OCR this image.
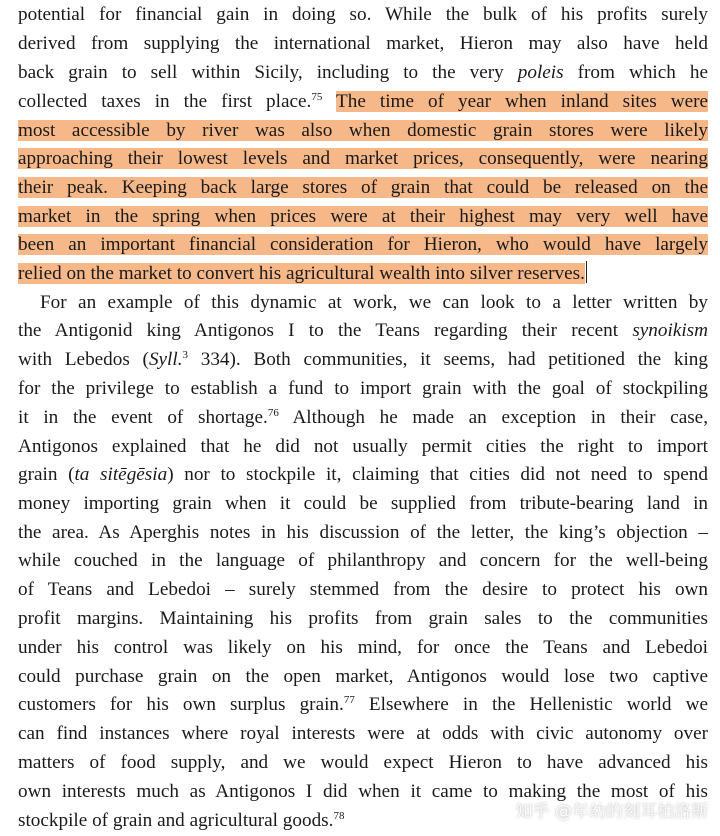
potential for financial gain in doing so. While the bulk of his profits surely
derived from supplying the international market, Hieron may also have held
back grain to sell within Sicily, including to the very poleis from which he
collected taxes in the first place.$^{75}$ The time of year when inland sites were
most accessible by river was also when domestic grain stores were likely
approaching their lowest levels and market prices, consequently, were nearing
their peak. Keeping back large stores of grain that could be released on the
market in the spring when prices were at their highest may very well have
been an important financial consideration for Hieron, who would have largely
relied on the market to convert his agricultural wealth into silver reserves.
For an example of this dynamic at work, we can look to a letter written by
the Antigonid king Antigonos I to the Teans regarding their recent synoikism
with Lebedos (Syll.$^3$ 334). Both communities, it seems, had petitioned the king
for the privilege to establish a fund to import grain with the goal of stockpiling
it in the event of shortage.$^{76}$ Although he made an exception in their case,
Antigonos explained that he did not usually permit cities the right to import
grain (ta sitēgēsia) nor to stockpile it, claiming that cities did not need to spend
money importing grain when it could be supplied from tribute-bearing land in
the area. As Aperghis notes in his discussion of the letter, the king’s objection –
while couched in the language of philanthropy and concern for the well-being
of Teans and Lebedoi – surely stemmed from the desire to protect his own
profit margins. Maintaining his profits from grain sales to the communities
under his control was likely on his mind, for once the Teans and Lebedoi
could purchase grain on the open market, Antigonos would lose two captive
customers for his own surplus grain.$^{77}$ Elsewhere in the Hellenistic world we
can find instances where royal interests were at odds with civic autonomy over
matters of food supply, and we would expect Hieron to have advanced his
own interests much as Antigonos I did when it came to making the most of his
stockpile of grain and agricultural goods.$^{78}$	知乎 @年幼的刻耳柏洛斯
